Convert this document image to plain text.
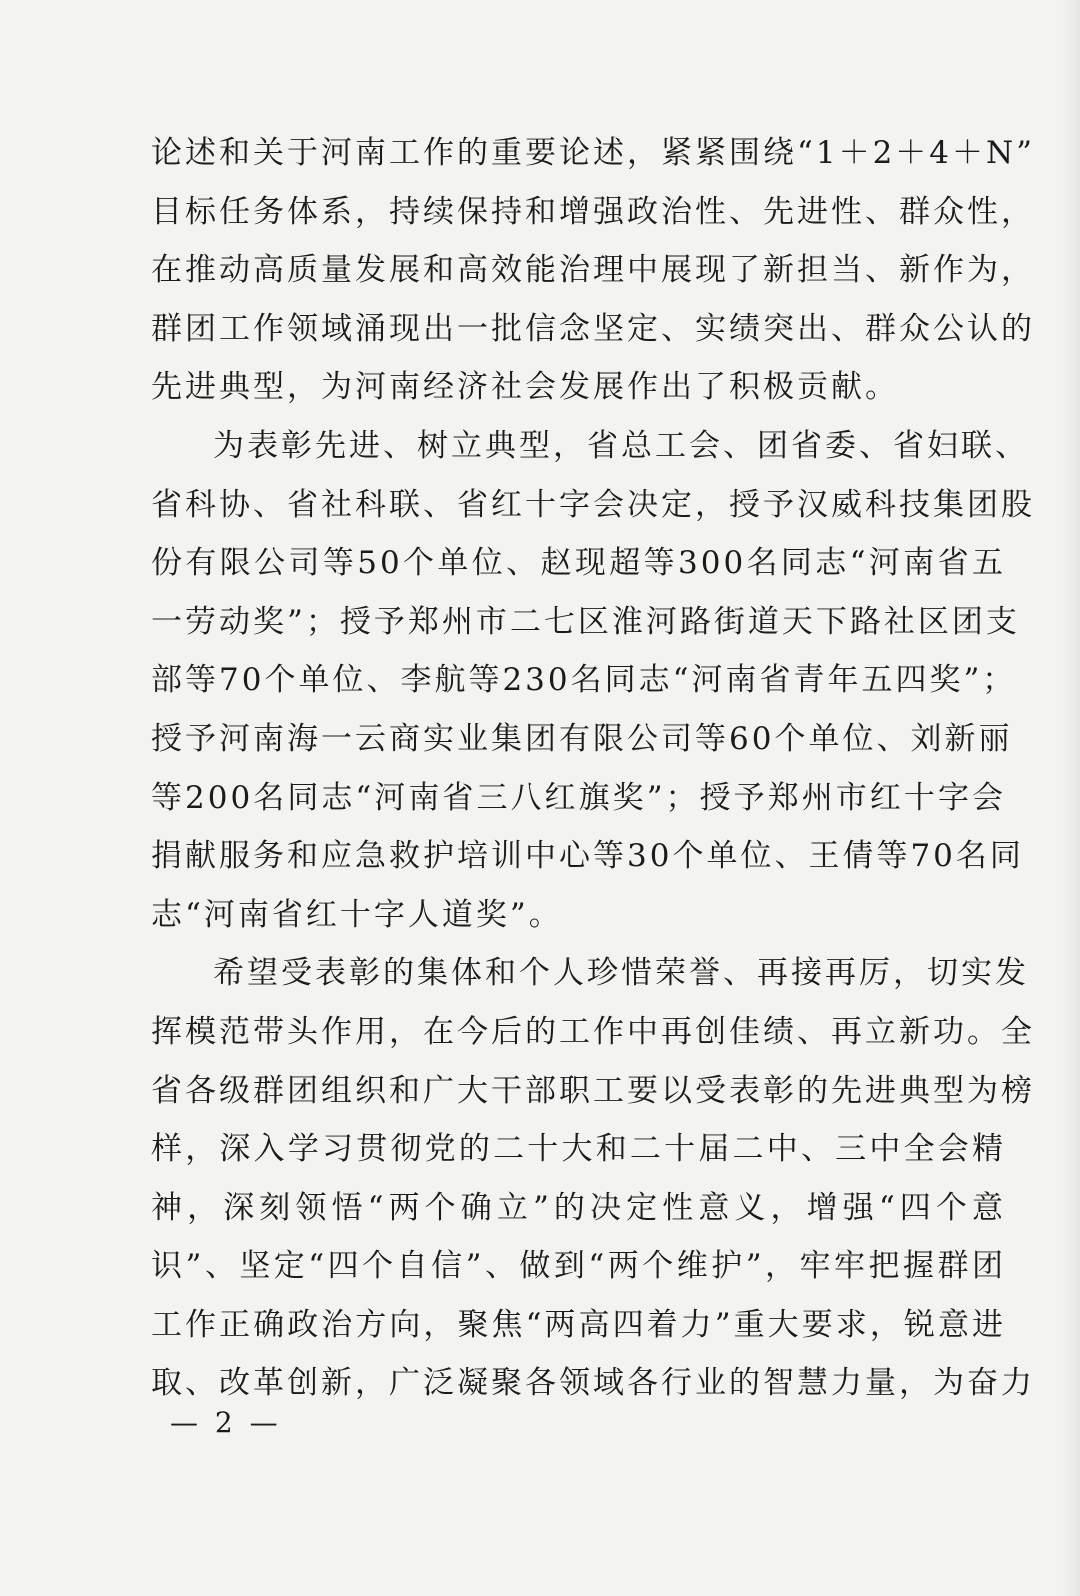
论述和关于河南工作的重要论述，紧紧围绕“1＋2＋4＋N”
目标任务体系，持续保持和增强政治性、先进性、群众性，
在推动高质量发展和高效能治理中展现了新担当、新作为，
群团工作领域涌现出一批信念坚定、实绩突出、群众公认的
先进典型，为河南经济社会发展作出了积极贡献。
为表彰先进、树立典型，省总工会、团省委、省妇联、
省科协、省社科联、省红十字会决定，授予汉威科技集团股
份有限公司等50个单位、赵现超等300名同志“河南省五
一劳动奖”；授予郑州市二七区淮河路街道天下路社区团支
部等70个单位、李航等230名同志“河南省青年五四奖”；
授予河南海一云商实业集团有限公司等60个单位、刘新丽
等200名同志“河南省三八红旗奖”；授予郑州市红十字会
捐献服务和应急救护培训中心等30个单位、王倩等70名同
志“河南省红十字人道奖”。
希望受表彰的集体和个人珍惜荣誉、再接再厉，切实发
挥模范带头作用，在今后的工作中再创佳绩、再立新功。全
省各级群团组织和广大干部职工要以受表彰的先进典型为榜
样，深入学习贯彻党的二十大和二十届二中、三中全会精
神，深刻领悟“两个确立”的决定性意义，增强“四个意
识”、坚定“四个自信”、做到“两个维护”，牢牢把握群团
工作正确政治方向，聚焦“两高四着力”重大要求，锐意进
取、改革创新，广泛凝聚各领域各行业的智慧力量，为奋力
— 2 —
